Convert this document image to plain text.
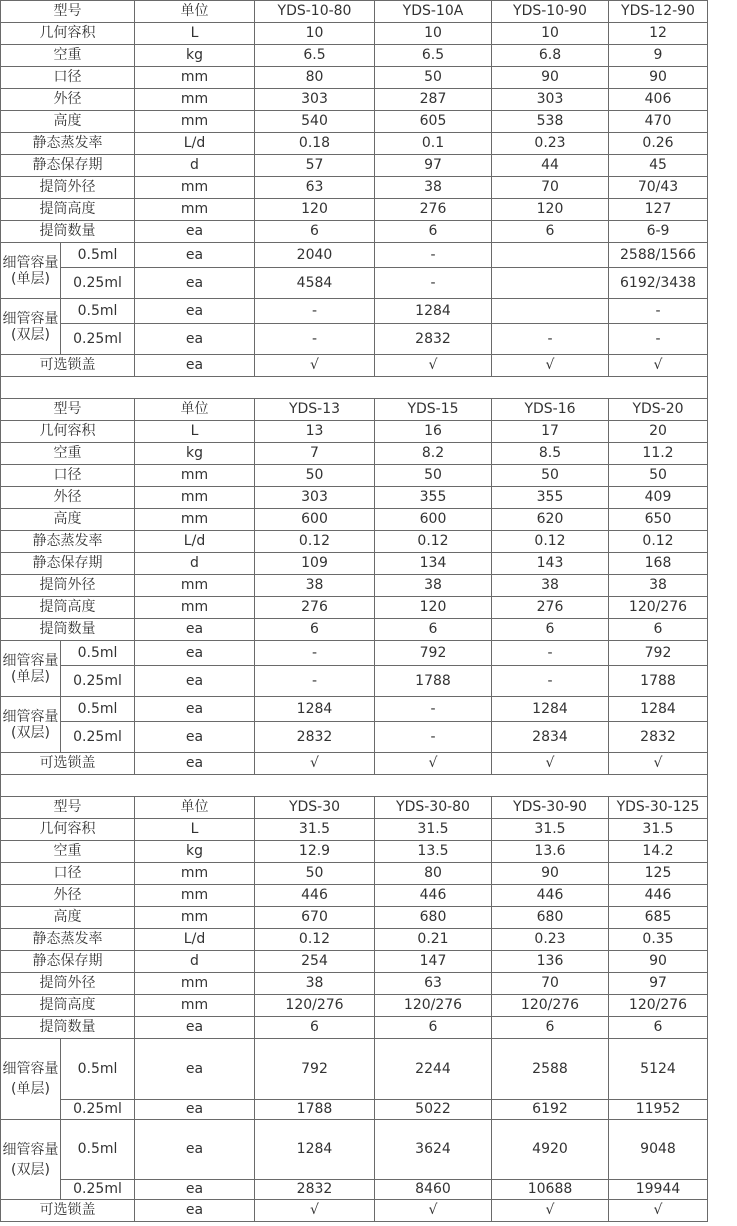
型号		单位	YDS-10-80	YDS-10A	YDS-10-90	YDS-12-90
几何容积		L	10	10	10	12
空重		kg	6.5	6.5	6.8	9
口径		mm	80	50	90	90
外径		mm	303	287	303	406
高度		mm	540	605	538	470
静态蒸发率		L/d	0.18	0.1	0.23	0.26
静态保存期		d	57	97	44	45
提筒外径		mm	63	38	70	70/43
提筒高度		mm	120	276	120	127
提筒数量		ea	6	6	6	6-9
细管容量(单层)	0.5ml	ea	2040	-		2588/1566
	0.25ml	ea	4584	-		6192/3438
细管容量(双层)	0.5ml	ea	-	1284		-
	0.25ml	ea	-	2832	-	-
可选锁盖		ea	√	√	√	√

型号		单位	YDS-13	YDS-15	YDS-16	YDS-20
几何容积		L	13	16	17	20
空重		kg	7	8.2	8.5	11.2
口径		mm	50	50	50	50
外径		mm	303	355	355	409
高度		mm	600	600	620	650
静态蒸发率		L/d	0.12	0.12	0.12	0.12
静态保存期		d	109	134	143	168
提筒外径		mm	38	38	38	38
提筒高度		mm	276	120	276	120/276
提筒数量		ea	6	6	6	6
细管容量(单层)	0.5ml	ea	-	792	-	792
	0.25ml	ea	-	1788	-	1788
细管容量(双层)	0.5ml	ea	1284	-	1284	1284
	0.25ml	ea	2832	-	2834	2832
可选锁盖		ea	√	√	√	√

型号		单位	YDS-30	YDS-30-80	YDS-30-90	YDS-30-125
几何容积		L	31.5	31.5	31.5	31.5
空重		kg	12.9	13.5	13.6	14.2
口径		mm	50	80	90	125
外径		mm	446	446	446	446
高度		mm	670	680	680	685
静态蒸发率		L/d	0.12	0.21	0.23	0.35
静态保存期		d	254	147	136	90
提筒外径		mm	38	63	70	97
提筒高度		mm	120/276	120/276	120/276	120/276
提筒数量		ea	6	6	6	6
细管容量(单层)	0.5ml	ea	792	2244	2588	5124
	0.25ml	ea	1788	5022	6192	11952
细管容量(双层)	0.5ml	ea	1284	3624	4920	9048
	0.25ml	ea	2832	8460	10688	19944
可选锁盖		ea	√	√	√	√
